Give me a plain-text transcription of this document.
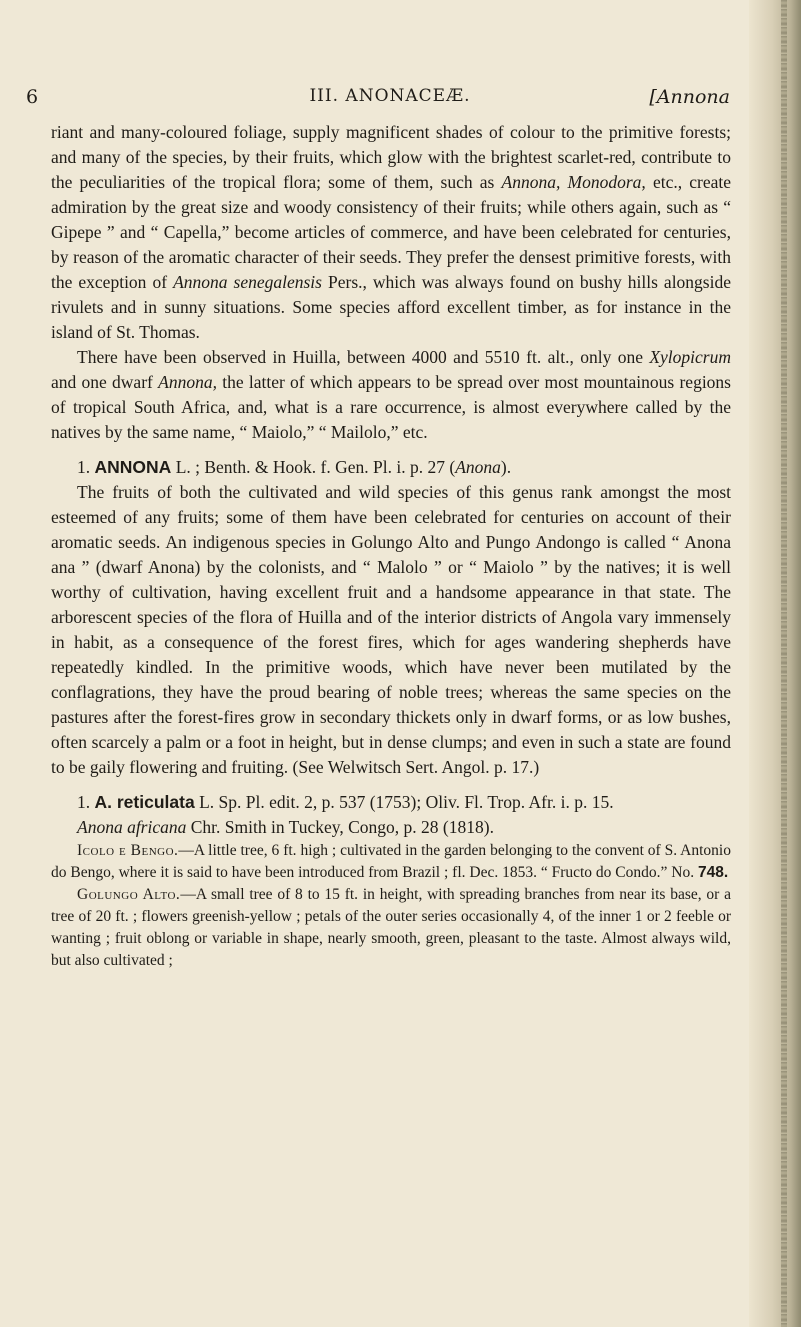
6	III. ANONACEÆ.	[Annona

riant and many-coloured foliage, supply magnificent shades of colour to the primitive forests; and many of the species, by their fruits, which glow with the brightest scarlet-red, contribute to the peculiarities of the tropical flora; some of them, such as Annona, Monodora, etc., create admiration by the great size and woody consistency of their fruits; while others again, such as “ Gipepe ” and “ Capella,” become articles of commerce, and have been celebrated for centuries, by reason of the aromatic character of their seeds. They prefer the densest primitive forests, with the exception of Annona senegalensis Pers., which was always found on bushy hills alongside rivulets and in sunny situations. Some species afford excellent timber, as for instance in the island of St. Thomas.

There have been observed in Huilla, between 4000 and 5510 ft. alt., only one Xylopicrum and one dwarf Annona, the latter of which appears to be spread over most mountainous regions of tropical South Africa, and, what is a rare occurrence, is almost everywhere called by the natives by the same name, “ Maiolo,” “ Mailolo,” etc.

1. ANNONA L. ; Benth. & Hook. f. Gen. Pl. i. p. 27 (Anona).

The fruits of both the cultivated and wild species of this genus rank amongst the most esteemed of any fruits; some of them have been celebrated for centuries on account of their aromatic seeds. An indigenous species in Golungo Alto and Pungo Andongo is called “ Anona ana ” (dwarf Anona) by the colonists, and “ Malolo ” or “ Maiolo ” by the natives; it is well worthy of cultivation, having excellent fruit and a handsome appearance in that state. The arborescent species of the flora of Huilla and of the interior districts of Angola vary immensely in habit, as a consequence of the forest fires, which for ages wandering shepherds have repeatedly kindled. In the primitive woods, which have never been mutilated by the conflagrations, they have the proud bearing of noble trees; whereas the same species on the pastures after the forest-fires grow in secondary thickets only in dwarf forms, or as low bushes, often scarcely a palm or a foot in height, but in dense clumps; and even in such a state are found to be gaily flowering and fruiting. (See Welwitsch Sert. Angol. p. 17.)

1. A. reticulata L. Sp. Pl. edit. 2, p. 537 (1753); Oliv. Fl. Trop. Afr. i. p. 15.

Anona africana Chr. Smith in Tuckey, Congo, p. 28 (1818).

Icolo e Bengo.—A little tree, 6 ft. high ; cultivated in the garden belonging to the convent of S. Antonio do Bengo, where it is said to have been introduced from Brazil ; fl. Dec. 1853. “ Fructo do Condo.” No. 748.

Golungo Alto.—A small tree of 8 to 15 ft. in height, with spreading branches from near its base, or a tree of 20 ft. ; flowers greenish-yellow ; petals of the outer series occasionally 4, of the inner 1 or 2 feeble or wanting ; fruit oblong or variable in shape, nearly smooth, green, pleasant to the taste. Almost always wild, but also cultivated ;
